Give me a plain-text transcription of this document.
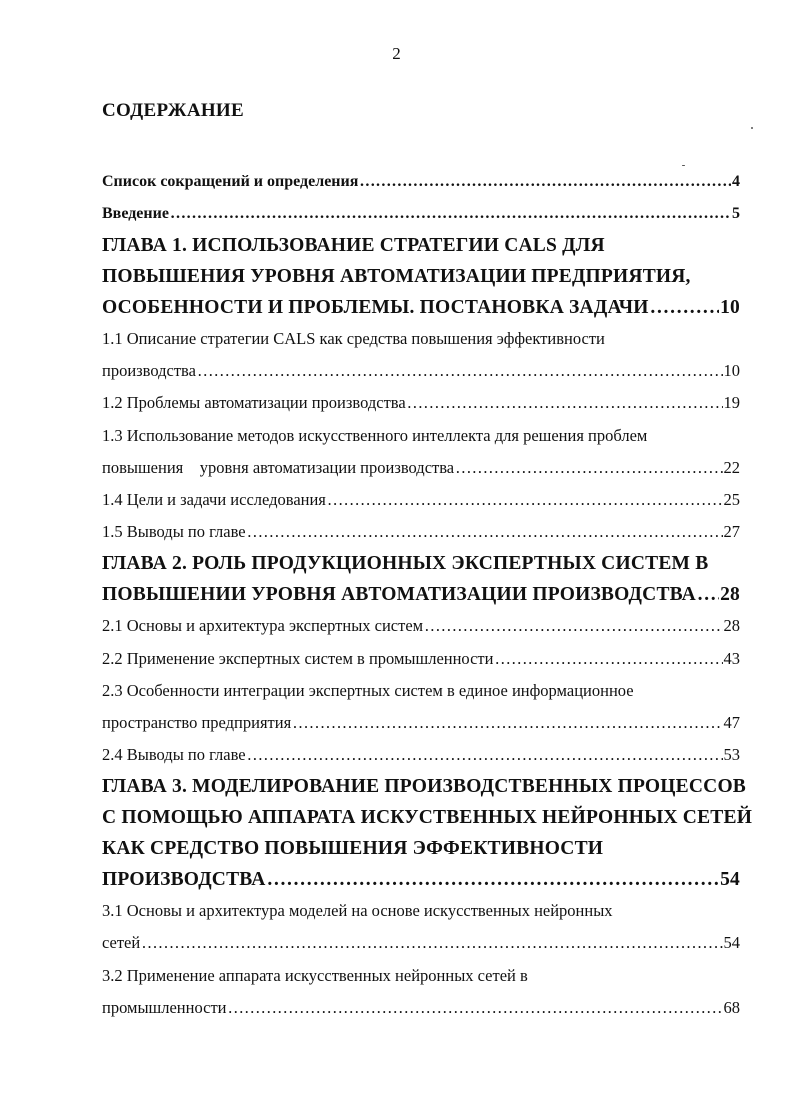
2
СОДЕРЖАНИЕ
Список сокращений и определения ………………………………………………………………………………………………………………………………………………………………………………………………	4
Введение ………………………………………………………………………………………………………………………………………………………………………………………………	5
ГЛАВА 1. ИСПОЛЬЗОВАНИЕ СТРАТЕГИИ CALS ДЛЯ
ПОВЫШЕНИЯ УРОВНЯ АВТОМАТИЗАЦИИ ПРЕДПРИЯТИЯ,
ОСОБЕННОСТИ И ПРОБЛЕМЫ. ПОСТАНОВКА ЗАДАЧИ ………………………………………………………………………………………………………………………………………………………………………………………………	10
1.1 Описание стратегии CALS как средства повышения эффективности
производства ………………………………………………………………………………………………………………………………………………………………………………………………	10
1.2 Проблемы автоматизации производства ………………………………………………………………………………………………………………………………………………………………………………………………	19
1.3 Использование методов искусственного интеллекта для решения проблем
повышения    уровня автоматизации производства ………………………………………………………………………………………………………………………………………………………………………………………………	22
1.4 Цели и задачи исследования ………………………………………………………………………………………………………………………………………………………………………………………………	25
1.5 Выводы по главе ………………………………………………………………………………………………………………………………………………………………………………………………	27
ГЛАВА 2. РОЛЬ ПРОДУКЦИОННЫХ ЭКСПЕРТНЫХ СИСТЕМ В
ПОВЫШЕНИИ УРОВНЯ АВТОМАТИЗАЦИИ ПРОИЗВОДСТВА ……………………………………………………………………………………………………………………………………………………………………………………………… 28
2.1 Основы и архитектура экспертных систем ………………………………………………………………………………………………………………………………………………………………………………………………	28
2.2 Применение экспертных систем в промышленности ………………………………………………………………………………………………………………………………………………………………………………………………	43
2.3 Особенности интеграции экспертных систем в единое информационное
пространство предприятия ………………………………………………………………………………………………………………………………………………………………………………………………	47
2.4 Выводы по главе ………………………………………………………………………………………………………………………………………………………………………………………………	53
ГЛАВА 3. МОДЕЛИРОВАНИЕ ПРОИЗВОДСТВЕННЫХ ПРОЦЕССОВ
С ПОМОЩЬЮ АППАРАТА ИСКУСТВЕННЫХ НЕЙРОННЫХ СЕТЕЙ
КАК СРЕДСТВО ПОВЫШЕНИЯ ЭФФЕКТИВНОСТИ
ПРОИЗВОДСТВА ………………………………………………………………………………………………………………………………………………………………………………………………	54
3.1 Основы и архитектура моделей на основе искусственных нейронных
сетей ………………………………………………………………………………………………………………………………………………………………………………………………	54
3.2 Применение аппарата искусственных нейронных сетей в
промышленности ………………………………………………………………………………………………………………………………………………………………………………………………	68
